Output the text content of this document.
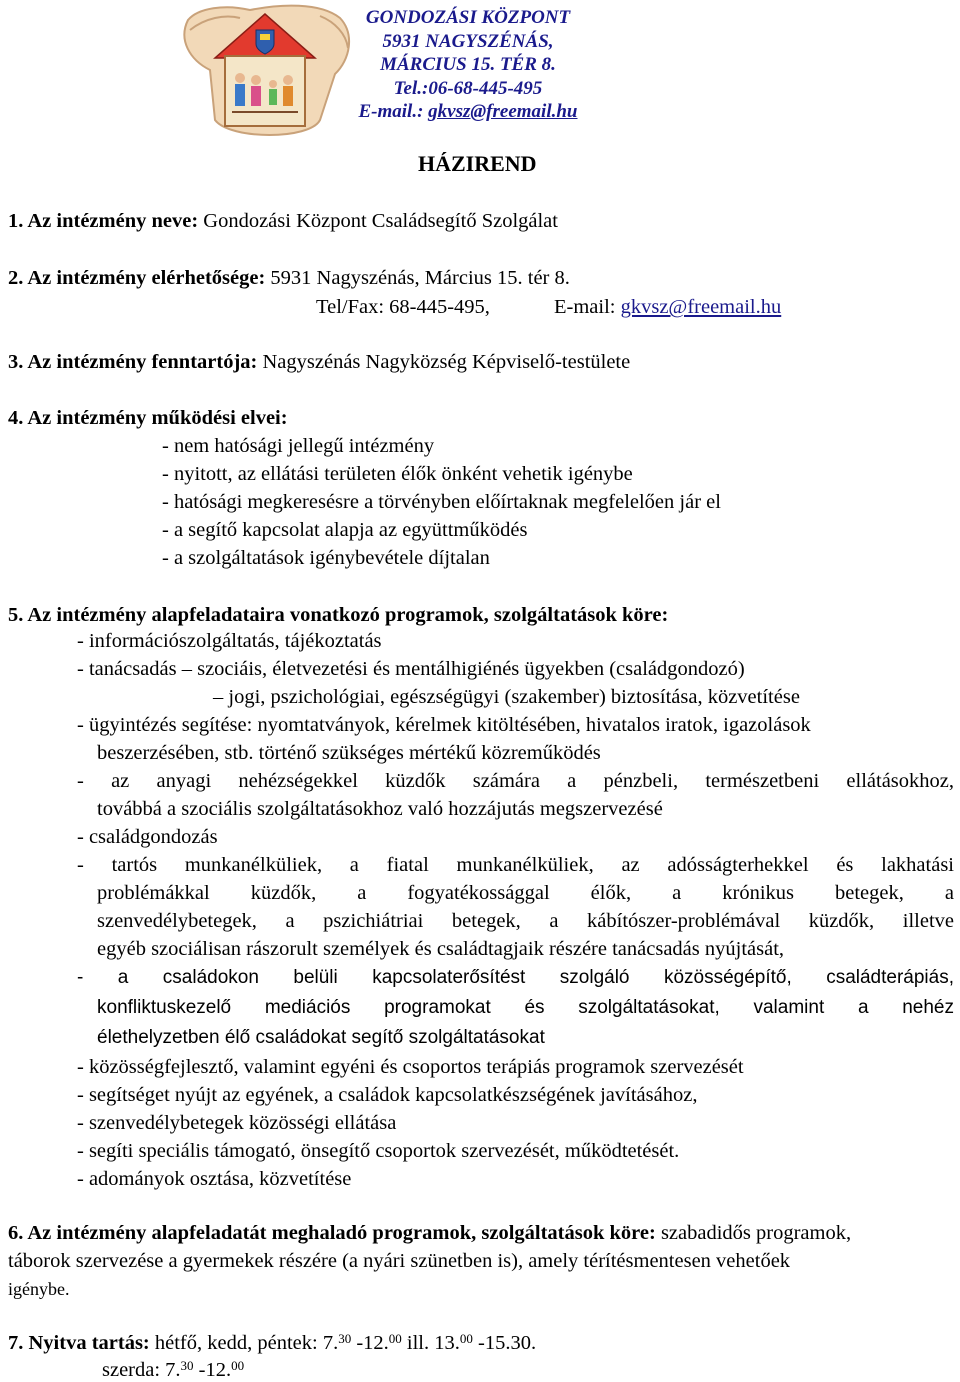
GONDOZÁSI KÖZPONT
5931 NAGYSZÉNÁS,
MÁRCIUS 15. TÉR 8.
Tel.:06-68-445-495
E-mail.: gkvsz@freemail.hu
HÁZIREND
1. Az intézmény neve: Gondozási Központ Családsegítő Szolgálat
2. Az intézmény elérhetősége: 5931 Nagyszénás, Március 15. tér 8.
Tel/Fax: 68-445-495,	E-mail: gkvsz@freemail.hu
3. Az intézmény fenntartója: Nagyszénás Nagyközség Képviselő-testülete
4. Az intézmény működési elvei:
- nem hatósági jellegű intézmény
- nyitott, az ellátási területen élők önként vehetik igénybe
- hatósági megkeresésre a törvényben előírtaknak megfelelően jár el
- a segítő kapcsolat alapja az együttműködés
- a szolgáltatások igénybevétele díjtalan
5. Az intézmény alapfeladataira vonatkozó programok, szolgáltatások köre:
- információszolgáltatás, tájékoztatás
- tanácsadás – szociáis, életvezetési és mentálhigiénés ügyekben (családgondozó)
– jogi, pszichológiai, egészségügyi (szakember) biztosítása, közvetítése
- ügyintézés segítése: nyomtatványok, kérelmek kitöltésében, hivatalos iratok, igazolások
beszerzésében, stb. történő szükséges mértékű közreműködés
- az anyagi nehézségekkel küzdők számára a pénzbeli, természetbeni ellátásokhoz,
továbbá a szociális szolgáltatásokhoz való hozzájutás megszervezésé
- családgondozás
- tartós munkanélküliek, a fiatal munkanélküliek, az adósságterhekkel és lakhatási
problémákkal küzdők, a fogyatékossággal élők, a krónikus betegek, a
szenvedélybetegek, a pszichiátriai betegek, a kábítószer-problémával küzdők, illetve
egyéb szociálisan rászorult személyek és családtagjaik részére tanácsadás nyújtását,
- a családokon belüli kapcsolaterősítést szolgáló közösségépítő, családterápiás,
konfliktuskezelő mediációs programokat és szolgáltatásokat, valamint a nehéz
élethelyzetben élő családokat segítő szolgáltatásokat
- közösségfejlesztő, valamint egyéni és csoportos terápiás programok szervezését
- segítséget nyújt az egyének, a családok kapcsolatkészségének javításához,
- szenvedélybetegek közösségi ellátása
- segíti speciális támogató, önsegítő csoportok szervezését, működtetését.
- adományok osztása, közvetítése
6. Az intézmény alapfeladatát meghaladó programok, szolgáltatások köre: szabadidős programok,
táborok szervezése a gyermekek részére (a nyári szünetben is), amely térítésmentesen vehetőek
igénybe.
7. Nyitva tartás: hétfő, kedd, péntek: 7.30 -12.00 ill. 13.00 -15.30.
szerda: 7.30 -12.00
